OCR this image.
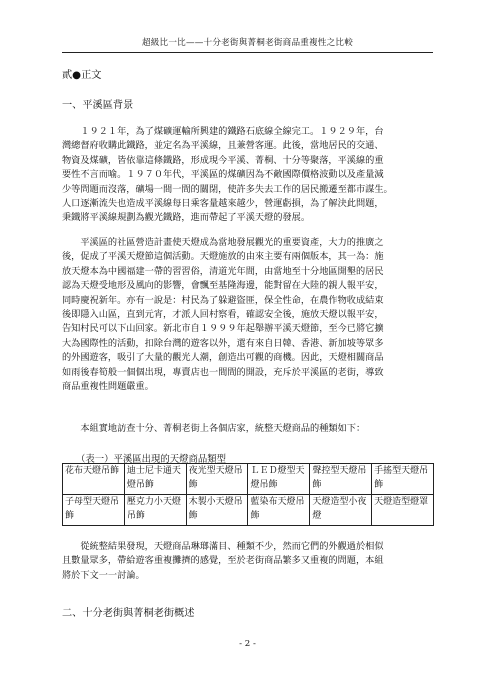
超級比一比——十分老街與菁桐老街商品重複性之比較
貳●正文
一、平溪區背景

　　１９２１年，為了煤礦運輸所興建的鐵路石底線全線完工。１９２９年，台
灣總督府收購此鐵路，並定名為平溪線，且兼營客運。此後，當地居民的交通、
物資及煤礦，皆依靠這條鐵路，形成現今平溪、菁桐、十分等聚落，平溪線的重
要性不言而喻。１９７０年代，平溪區的煤礦因為不敵國際價格波動以及產量減
少等問題而沒落，礦場一間一間的關閉，使許多失去工作的居民搬遷至都市謀生。
人口逐漸流失也造成平溪線每日乘客量越來越少，營運虧損，為了解決此問題，
秉鐵將平溪線規劃為觀光鐵路，進而帶起了平溪天燈的發展。

　　平溪區的社區營造計畫使天燈成為當地發展觀光的重要資產，大力的推廣之
後，促成了平溪天燈節這個活動。天燈施放的由來主要有兩個版本，其一為：施
放天燈本為中國福建一帶的習習俗，清道光年間，由當地至十分地區開墾的居民
認為天燈受地形及風向的影響，會飄至基隆海邊，能對留在大陸的親人報平安，
同時慶祝新年。亦有一說是：村民為了躲避盜匪，保全性命，在農作物收成結束
後即隱入山區，直到元宵，才派人回村察看，確認安全後，施放天燈以報平安，
告知村民可以下山回家。新北市自１９９９年起舉辦平溪天燈節，至今已將它擴
大為國際性的活動，扣除台灣的遊客以外，還有來自日韓、香港、新加坡等眾多
的外國遊客，吸引了大量的觀光人潮，創造出可觀的商機。因此，天燈相關商品
如雨後春筍般一個個出現，專賣店也一間間的開設，充斥於平溪區的老街，導致
商品重複性問題嚴重。

　　本組實地訪查十分、菁桐老街上各個店家，統整天燈商品的種類如下：

（表一）平溪區出現的天燈商品類型
花布天燈吊飾	迪士尼卡通天燈吊飾	夜光型天燈吊飾	ＬＥＤ燈型天燈吊飾	聲控型天燈吊飾	手搖型天燈吊飾
子母型天燈吊飾	壓克力小天燈吊飾	木製小天燈吊飾	藍染布天燈吊飾	天燈造型小夜燈	天燈造型燈罩

　　從統整結果發現，天燈商品琳瑯滿目、種類不少，然而它們的外觀過於相似
且數量眾多，帶給遊客重複攤擠的感覺，至於老街商品繁多又重複的問題，本組
將於下文一一討論。

二、十分老街與菁桐老街概述
- 2 -
